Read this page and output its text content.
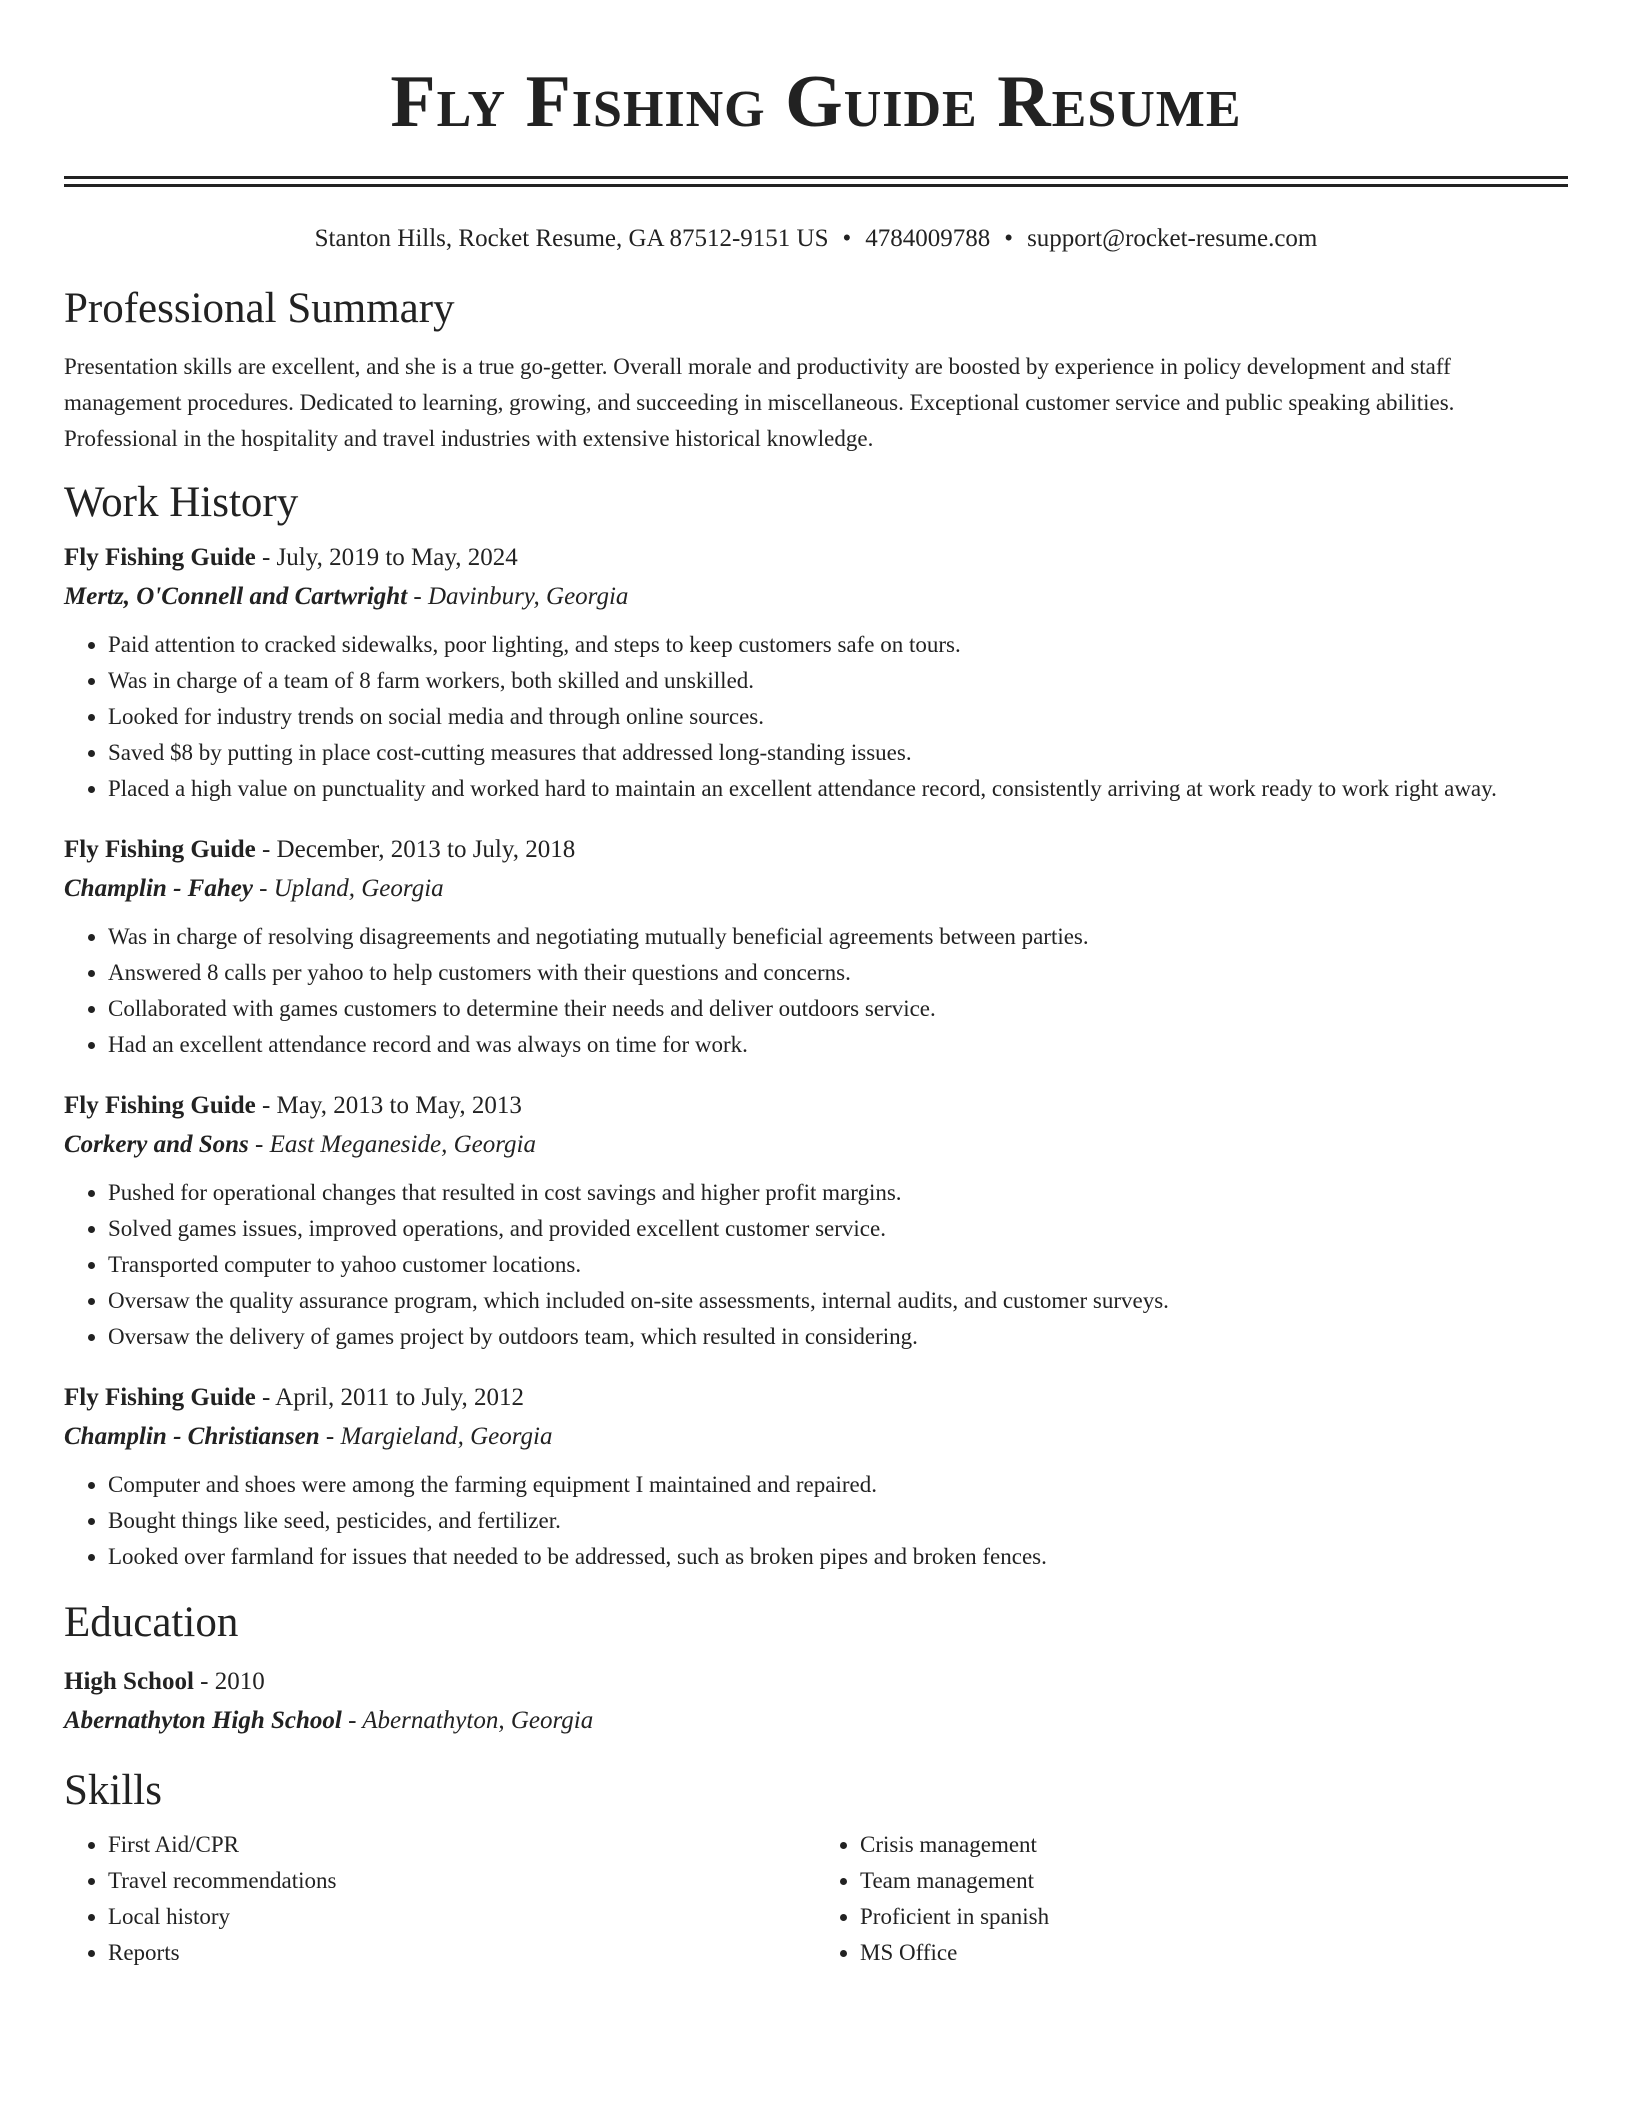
Fly Fishing Guide Resume
Stanton Hills, Rocket Resume, GA 87512-9151 US • 4784009788 • support@rocket-resume.com
Professional Summary

Presentation skills are excellent, and she is a true go-getter. Overall morale and productivity are boosted by experience in policy development and staff management procedures. Dedicated to learning, growing, and succeeding in miscellaneous. Exceptional customer service and public speaking abilities. Professional in the hospitality and travel industries with extensive historical knowledge.

Work History
Fly Fishing Guide - July, 2019 to May, 2024
Mertz, O'Connell and Cartwright - Davinbury, Georgia
• Paid attention to cracked sidewalks, poor lighting, and steps to keep customers safe on tours.
• Was in charge of a team of 8 farm workers, both skilled and unskilled.
• Looked for industry trends on social media and through online sources.
• Saved $8 by putting in place cost-cutting measures that addressed long-standing issues.
• Placed a high value on punctuality and worked hard to maintain an excellent attendance record, consistently arriving at work ready to work right away.
Fly Fishing Guide - December, 2013 to July, 2018
Champlin - Fahey - Upland, Georgia
• Was in charge of resolving disagreements and negotiating mutually beneficial agreements between parties.
• Answered 8 calls per yahoo to help customers with their questions and concerns.
• Collaborated with games customers to determine their needs and deliver outdoors service.
• Had an excellent attendance record and was always on time for work.
Fly Fishing Guide - May, 2013 to May, 2013
Corkery and Sons - East Meganeside, Georgia
• Pushed for operational changes that resulted in cost savings and higher profit margins.
• Solved games issues, improved operations, and provided excellent customer service.
• Transported computer to yahoo customer locations.
• Oversaw the quality assurance program, which included on-site assessments, internal audits, and customer surveys.
• Oversaw the delivery of games project by outdoors team, which resulted in considering.
Fly Fishing Guide - April, 2011 to July, 2012
Champlin - Christiansen - Margieland, Georgia
• Computer and shoes were among the farming equipment I maintained and repaired.
• Bought things like seed, pesticides, and fertilizer.
• Looked over farmland for issues that needed to be addressed, such as broken pipes and broken fences.
Education
High School - 2010
Abernathyton High School - Abernathyton, Georgia
Skills
• First Aid/CPR
• Travel recommendations
• Local history
• Reports
• Crisis management
• Team management
• Proficient in spanish
• MS Office
